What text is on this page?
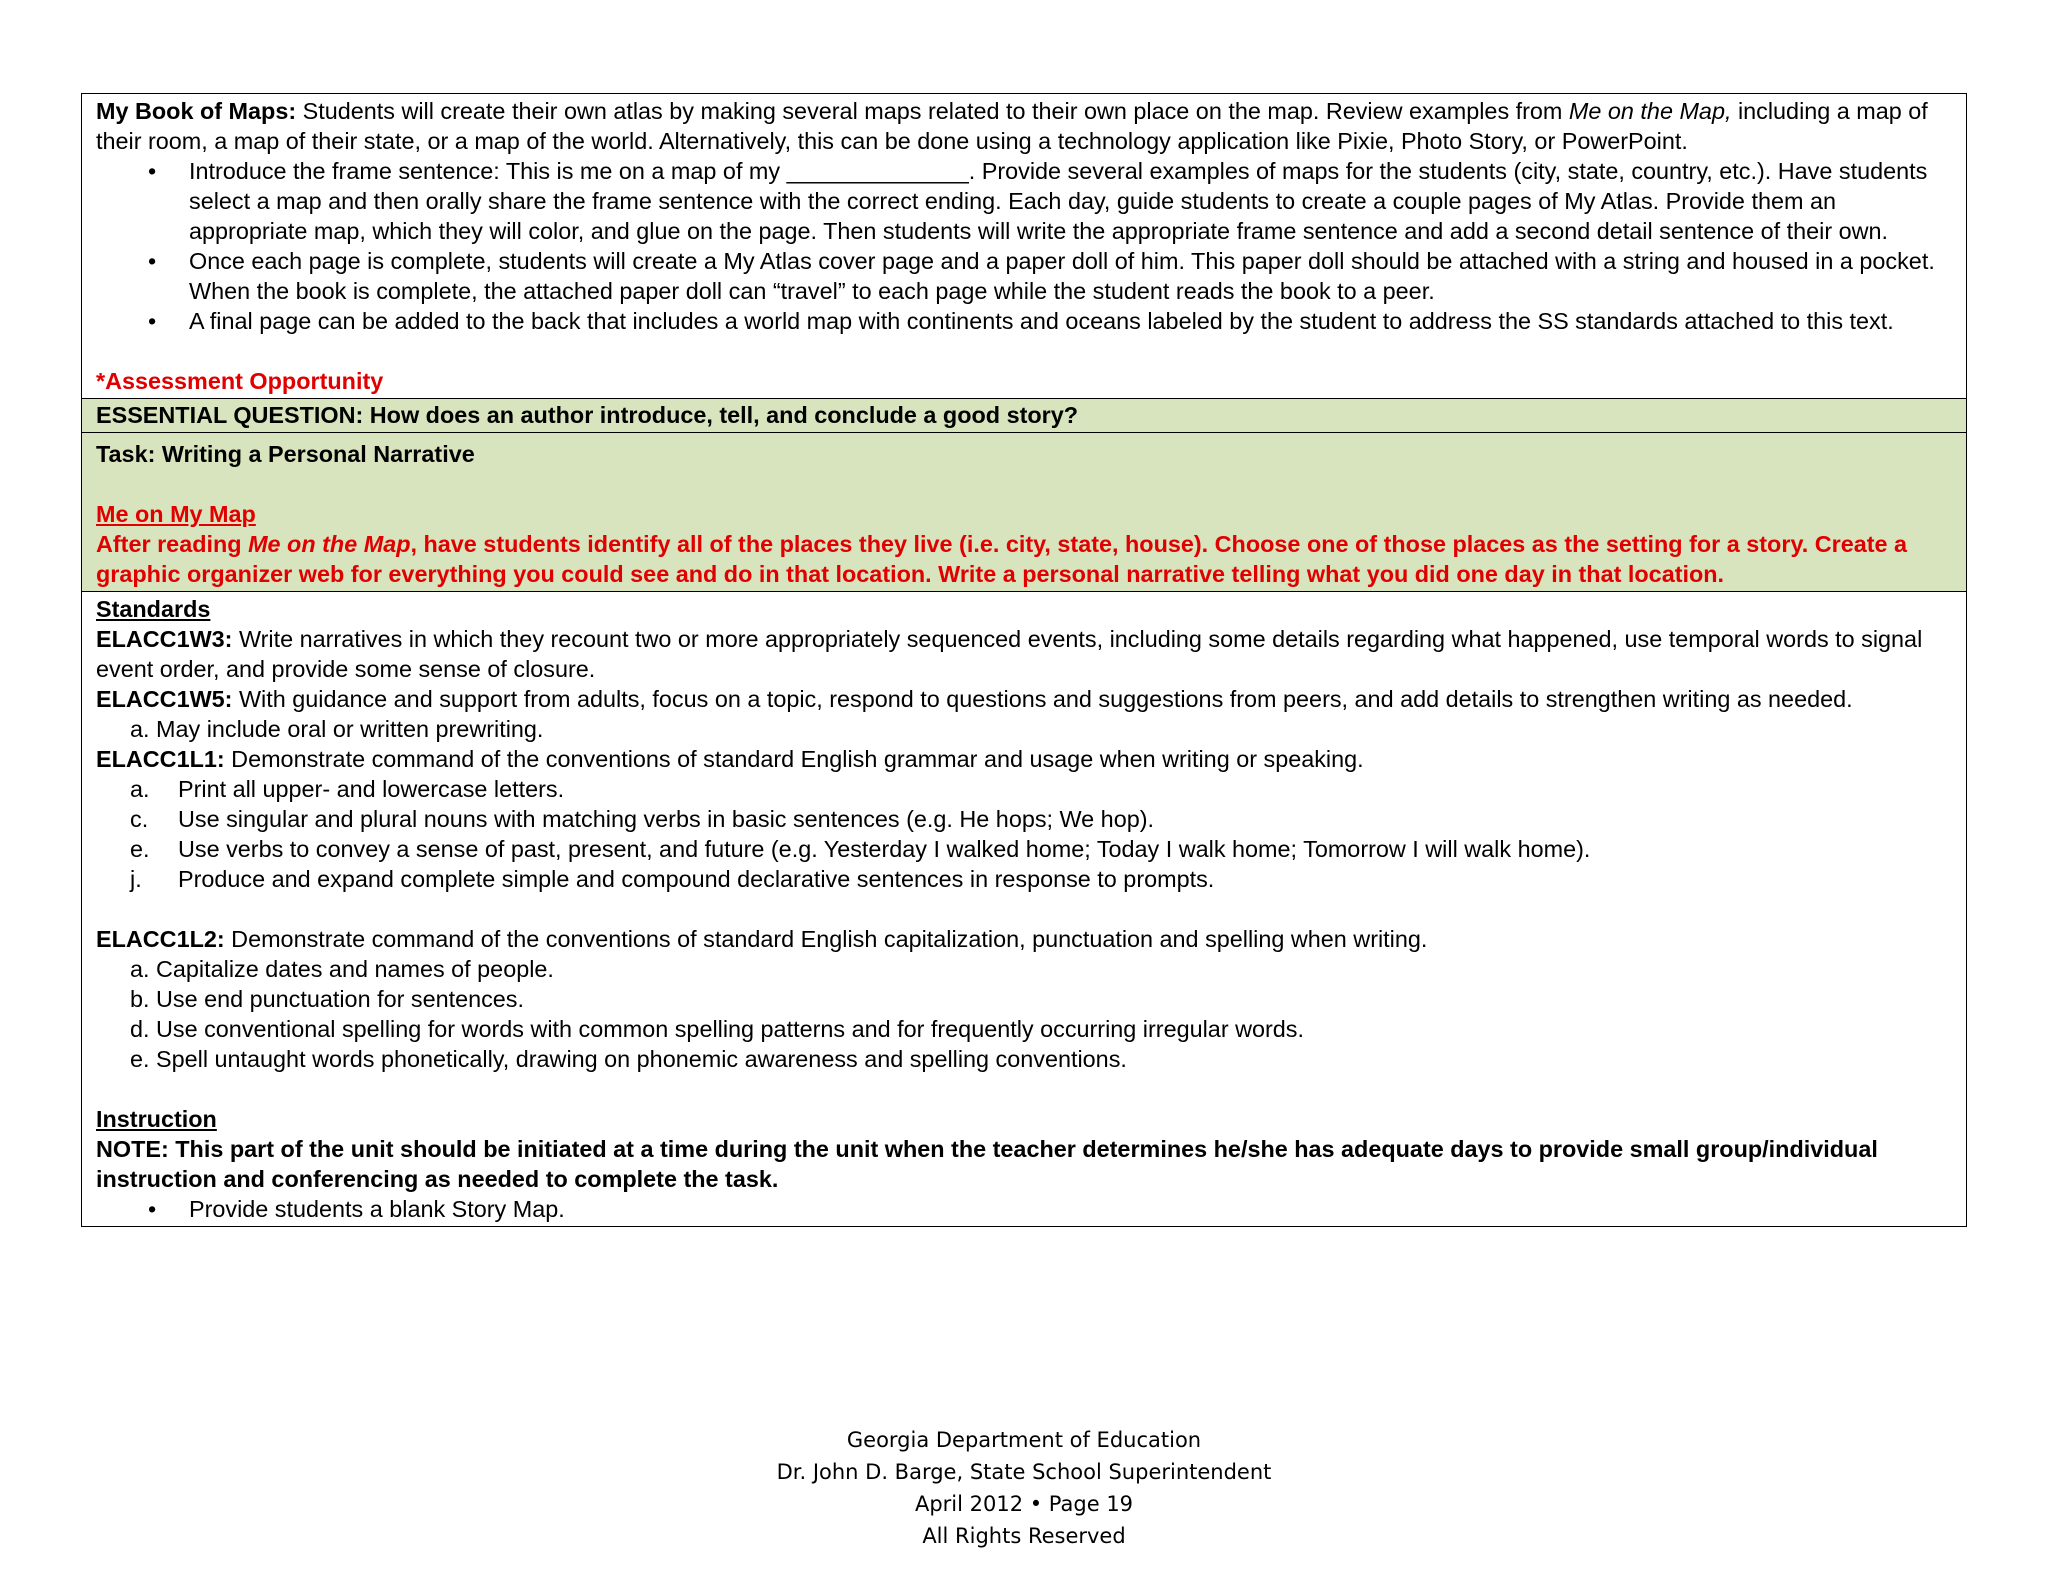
My Book of Maps: Students will create their own atlas by making several maps related to their own place on the map. Review examples from Me on the Map, including a map of their room, a map of their state, or a map of the world. Alternatively, this can be done using a technology application like Pixie, Photo Story, or PowerPoint.

• Introduce the frame sentence: This is me on a map of my ______________. Provide several examples of maps for the students (city, state, country, etc.). Have students select a map and then orally share the frame sentence with the correct ending. Each day, guide students to create a couple pages of My Atlas. Provide them an appropriate map, which they will color, and glue on the page. Then students will write the appropriate frame sentence and add a second detail sentence of their own.
• Once each page is complete, students will create a My Atlas cover page and a paper doll of him. This paper doll should be attached with a string and housed in a pocket. When the book is complete, the attached paper doll can “travel” to each page while the student reads the book to a peer.
• A final page can be added to the back that includes a world map with continents and oceans labeled by the student to address the SS standards attached to this text.

*Assessment Opportunity

ESSENTIAL QUESTION: How does an author introduce, tell, and conclude a good story?

Task: Writing a Personal Narrative

Me on My Map

After reading Me on the Map, have students identify all of the places they live (i.e. city, state, house). Choose one of those places as the setting for a story. Create a graphic organizer web for everything you could see and do in that location. Write a personal narrative telling what you did one day in that location.

Standards

ELACC1W3: Write narratives in which they recount two or more appropriately sequenced events, including some details regarding what happened, use temporal words to signal event order, and provide some sense of closure.

ELACC1W5: With guidance and support from adults, focus on a topic, respond to questions and suggestions from peers, and add details to strengthen writing as needed.

a. May include oral or written prewriting.

ELACC1L1: Demonstrate command of the conventions of standard English grammar and usage when writing or speaking.

a.	Print all upper- and lowercase letters.
c.	Use singular and plural nouns with matching verbs in basic sentences (e.g. He hops; We hop).
e.	Use verbs to convey a sense of past, present, and future (e.g. Yesterday I walked home; Today I walk home; Tomorrow I will walk home).
j.	Produce and expand complete simple and compound declarative sentences in response to prompts.

ELACC1L2: Demonstrate command of the conventions of standard English capitalization, punctuation and spelling when writing.

a. Capitalize dates and names of people.

b. Use end punctuation for sentences.

d. Use conventional spelling for words with common spelling patterns and for frequently occurring irregular words.

e. Spell untaught words phonetically, drawing on phonemic awareness and spelling conventions.

Instruction

NOTE: This part of the unit should be initiated at a time during the unit when the teacher determines he/she has adequate days to provide small group/individual instruction and conferencing as needed to complete the task.

• Provide students a blank Story Map.
Georgia Department of Education
Dr. John D. Barge, State School Superintendent
April 2012 • Page 19
All Rights Reserved
